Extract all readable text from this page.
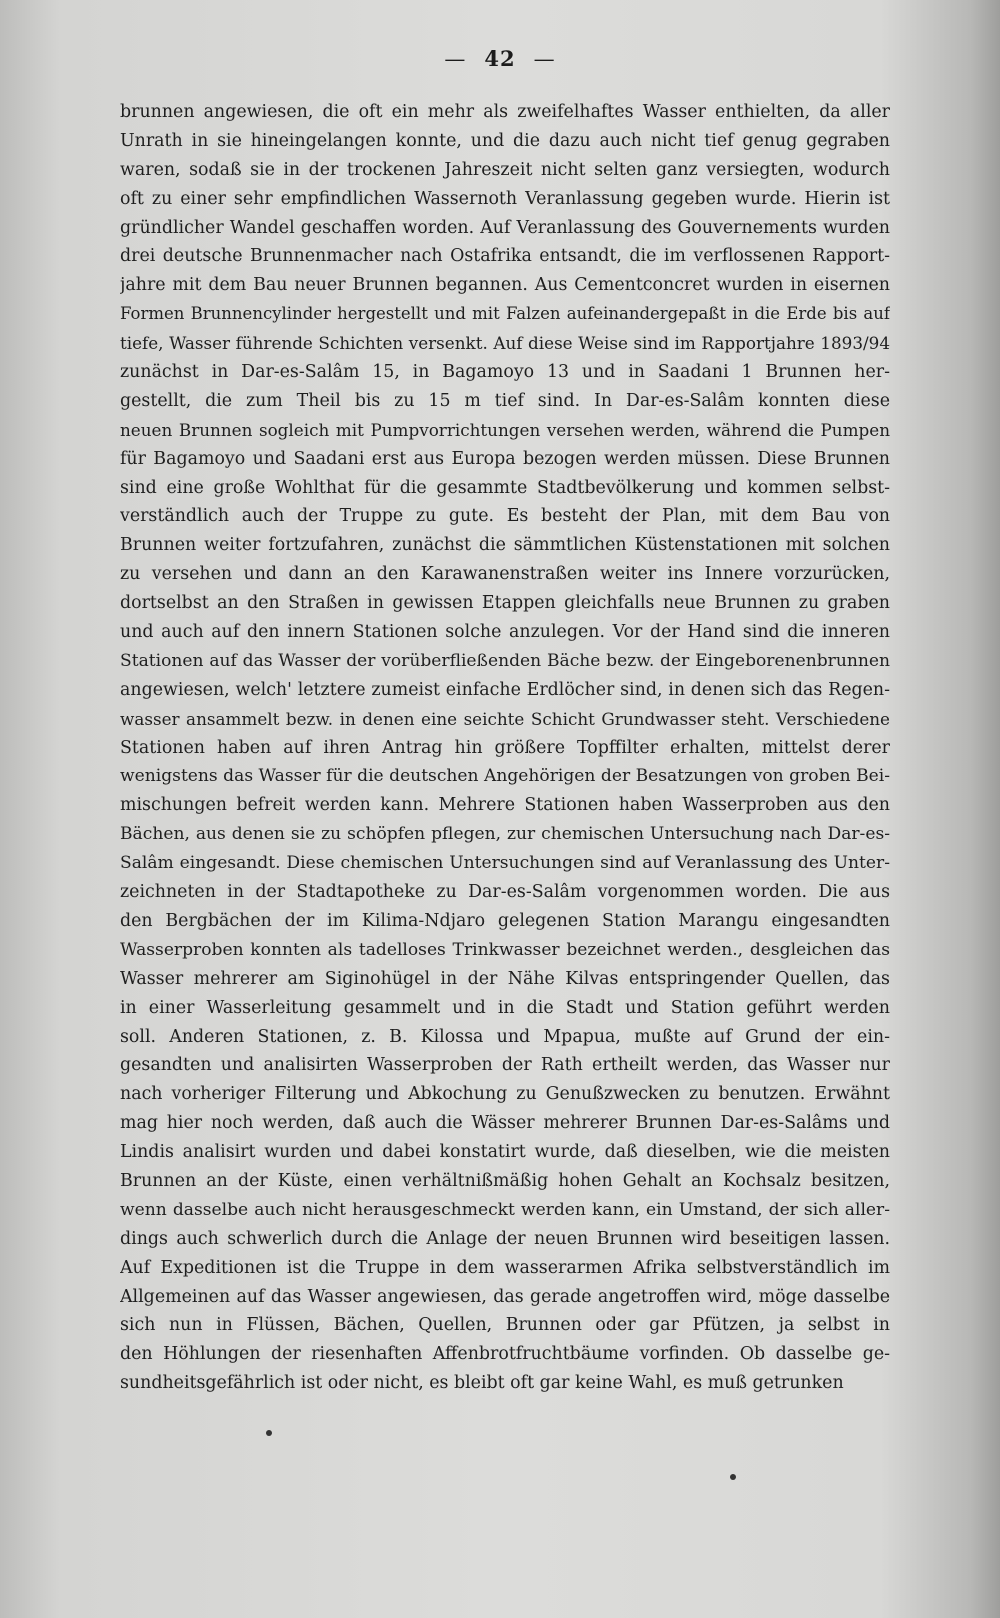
— 42 —
brunnen angewiesen, die oft ein mehr als zweifelhaftes Wasser enthielten, da aller
Unrath in sie hineingelangen konnte, und die dazu auch nicht tief genug gegraben
waren, sodaß sie in der trockenen Jahreszeit nicht selten ganz versiegten, wodurch
oft zu einer sehr empfindlichen Wassernoth Veranlassung gegeben wurde. Hierin ist
gründlicher Wandel geschaffen worden. Auf Veranlassung des Gouvernements wurden
drei deutsche Brunnenmacher nach Ostafrika entsandt, die im verflossenen Rapport-
jahre mit dem Bau neuer Brunnen begannen. Aus Cementconcret wurden in eisernen
Formen Brunnencylinder hergestellt und mit Falzen aufeinandergepaßt in die Erde bis auf
tiefe, Wasser führende Schichten versenkt. Auf diese Weise sind im Rapportjahre 1893/94
zunächst in Dar-es-Salâm 15, in Bagamoyo 13 und in Saadani 1 Brunnen her-
gestellt, die zum Theil bis zu 15 m tief sind. In Dar-es-Salâm konnten diese
neuen Brunnen sogleich mit Pumpvorrichtungen versehen werden, während die Pumpen
für Bagamoyo und Saadani erst aus Europa bezogen werden müssen. Diese Brunnen
sind eine große Wohlthat für die gesammte Stadtbevölkerung und kommen selbst-
verständlich auch der Truppe zu gute. Es besteht der Plan, mit dem Bau von
Brunnen weiter fortzufahren, zunächst die sämmtlichen Küstenstationen mit solchen
zu versehen und dann an den Karawanenstraßen weiter ins Innere vorzurücken,
dortselbst an den Straßen in gewissen Etappen gleichfalls neue Brunnen zu graben
und auch auf den innern Stationen solche anzulegen. Vor der Hand sind die inneren
Stationen auf das Wasser der vorüberfließenden Bäche bezw. der Eingeborenenbrunnen
angewiesen, welch' letztere zumeist einfache Erdlöcher sind, in denen sich das Regen-
wasser ansammelt bezw. in denen eine seichte Schicht Grundwasser steht. Verschiedene
Stationen haben auf ihren Antrag hin größere Topffilter erhalten, mittelst derer
wenigstens das Wasser für die deutschen Angehörigen der Besatzungen von groben Bei-
mischungen befreit werden kann. Mehrere Stationen haben Wasserproben aus den
Bächen, aus denen sie zu schöpfen pflegen, zur chemischen Untersuchung nach Dar-es-
Salâm eingesandt. Diese chemischen Untersuchungen sind auf Veranlassung des Unter-
zeichneten in der Stadtapotheke zu Dar-es-Salâm vorgenommen worden. Die aus
den Bergbächen der im Kilima-Ndjaro gelegenen Station Marangu eingesandten
Wasserproben konnten als tadelloses Trinkwasser bezeichnet werden., desgleichen das
Wasser mehrerer am Siginohügel in der Nähe Kilvas entspringender Quellen, das
in einer Wasserleitung gesammelt und in die Stadt und Station geführt werden
soll. Anderen Stationen, z. B. Kilossa und Mpapua, mußte auf Grund der ein-
gesandten und analisirten Wasserproben der Rath ertheilt werden, das Wasser nur
nach vorheriger Filterung und Abkochung zu Genußzwecken zu benutzen. Erwähnt
mag hier noch werden, daß auch die Wässer mehrerer Brunnen Dar-es-Salâms und
Lindis analisirt wurden und dabei konstatirt wurde, daß dieselben, wie die meisten
Brunnen an der Küste, einen verhältnißmäßig hohen Gehalt an Kochsalz besitzen,
wenn dasselbe auch nicht herausgeschmeckt werden kann, ein Umstand, der sich aller-
dings auch schwerlich durch die Anlage der neuen Brunnen wird beseitigen lassen.
Auf Expeditionen ist die Truppe in dem wasserarmen Afrika selbstverständlich im
Allgemeinen auf das Wasser angewiesen, das gerade angetroffen wird, möge dasselbe
sich nun in Flüssen, Bächen, Quellen, Brunnen oder gar Pfützen, ja selbst in
den Höhlungen der riesenhaften Affenbrotfruchtbäume vorfinden. Ob dasselbe ge-
sundheitsgefährlich ist oder nicht, es bleibt oft gar keine Wahl, es muß getrunken
